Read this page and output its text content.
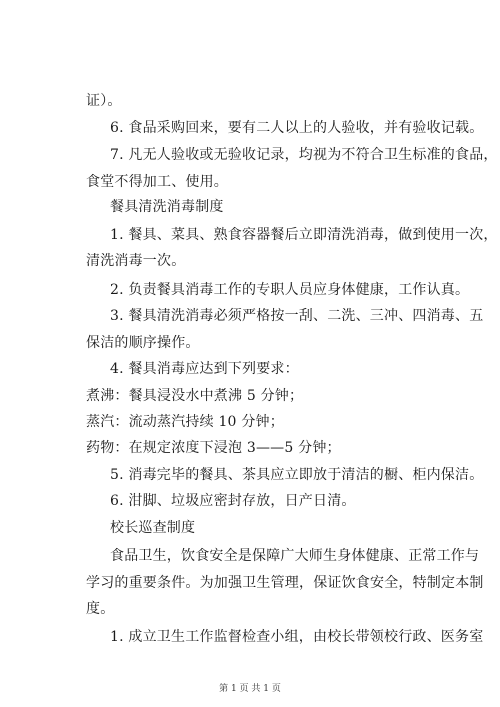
证）。
6. 食品采购回来，要有二人以上的人验收，并有验收记载。
7. 凡无人验收或无验收记录，均视为不符合卫生标准的食品，
食堂不得加工、使用。
餐具清洗消毒制度
1. 餐具、菜具、熟食容器餐后立即清洗消毒，做到使用一次，
清洗消毒一次。
2. 负责餐具消毒工作的专职人员应身体健康，工作认真。
3. 餐具清洗消毒必须严格按一刮、二洗、三冲、四消毒、五
保洁的顺序操作。
4. 餐具消毒应达到下列要求：
煮沸：餐具浸没水中煮沸 5 分钟；
蒸汽：流动蒸汽持续 10 分钟；
药物：在规定浓度下浸泡 3——5 分钟；
5. 消毒完毕的餐具、茶具应立即放于清洁的橱、柜内保洁。
6. 泔脚、垃圾应密封存放，日产日清。
校长巡查制度
食品卫生，饮食安全是保障广大师生身体健康、正常工作与
学习的重要条件。为加强卫生管理，保证饮食安全，特制定本制
度。
1. 成立卫生工作监督检查小组，由校长带领校行政、医务室
第 1 页 共 1 页
